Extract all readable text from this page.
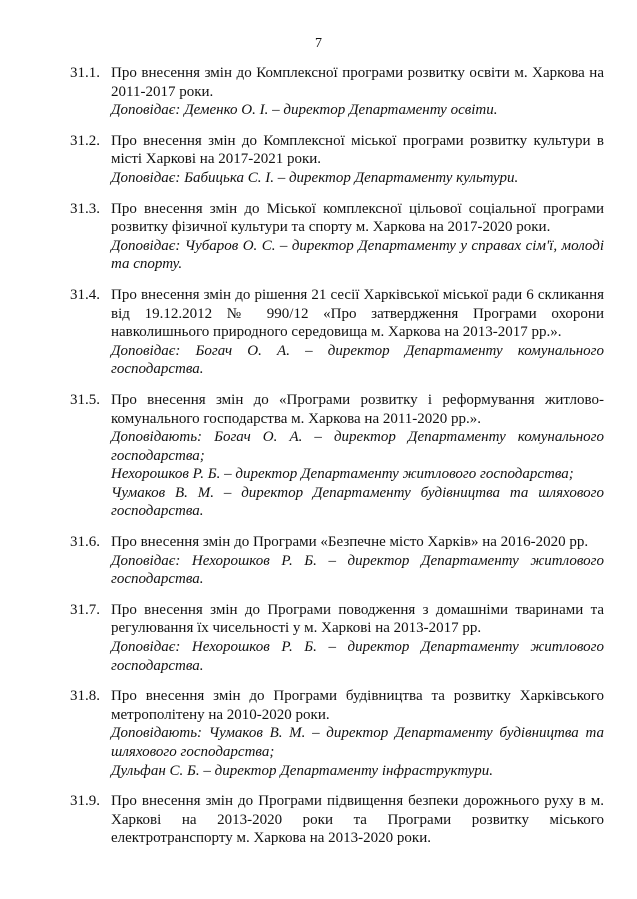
7
31.1. Про внесення змін до Комплексної програми розвитку освіти м. Харкова на 2011-2017 роки.
Доповідає: Деменко О. І. – директор Департаменту освіти.
31.2. Про внесення змін до Комплексної міської програми розвитку культури в місті Харкові на 2017-2021 роки.
Доповідає: Бабицька С. І. – директор Департаменту культури.
31.3. Про внесення змін до Міської комплексної цільової соціальної програми розвитку фізичної культури та спорту м. Харкова на 2017-2020 роки.
Доповідає: Чубаров О. С. – директор Департаменту у справах сім'ї, молоді та спорту.
31.4. Про внесення змін до рішення 21 сесії Харківської міської ради 6 скликання від 19.12.2012 № 990/12 «Про затвердження Програми охорони навколишнього природного середовища м. Харкова на 2013-2017 рр.».
Доповідає: Богач О. А. – директор Департаменту комунального господарства.
31.5. Про внесення змін до «Програми розвитку і реформування житлово-комунального господарства м. Харкова на 2011-2020 рр.».
Доповідають: Богач О. А. – директор Департаменту комунального господарства;
Нехорошков Р. Б. – директор Департаменту житлового господарства;
Чумаков В. М. – директор Департаменту будівництва та шляхового господарства.
31.6. Про внесення змін до Програми «Безпечне місто Харків» на 2016-2020 рр.
Доповідає: Нехорошков Р. Б. – директор Департаменту житлового господарства.
31.7. Про внесення змін до Програми поводження з домашніми тваринами та регулювання їх чисельності у м. Харкові на 2013-2017 рр.
Доповідає: Нехорошков Р. Б. – директор Департаменту житлового господарства.
31.8. Про внесення змін до Програми будівництва та розвитку Харківського метрополітену на 2010-2020 роки.
Доповідають: Чумаков В. М. – директор Департаменту будівництва та шляхового господарства;
Дульфан С. Б. – директор Департаменту інфраструктури.
31.9. Про внесення змін до Програми підвищення безпеки дорожнього руху в м. Харкові на 2013-2020 роки та Програми розвитку міського електротранспорту м. Харкова на 2013-2020 роки.
